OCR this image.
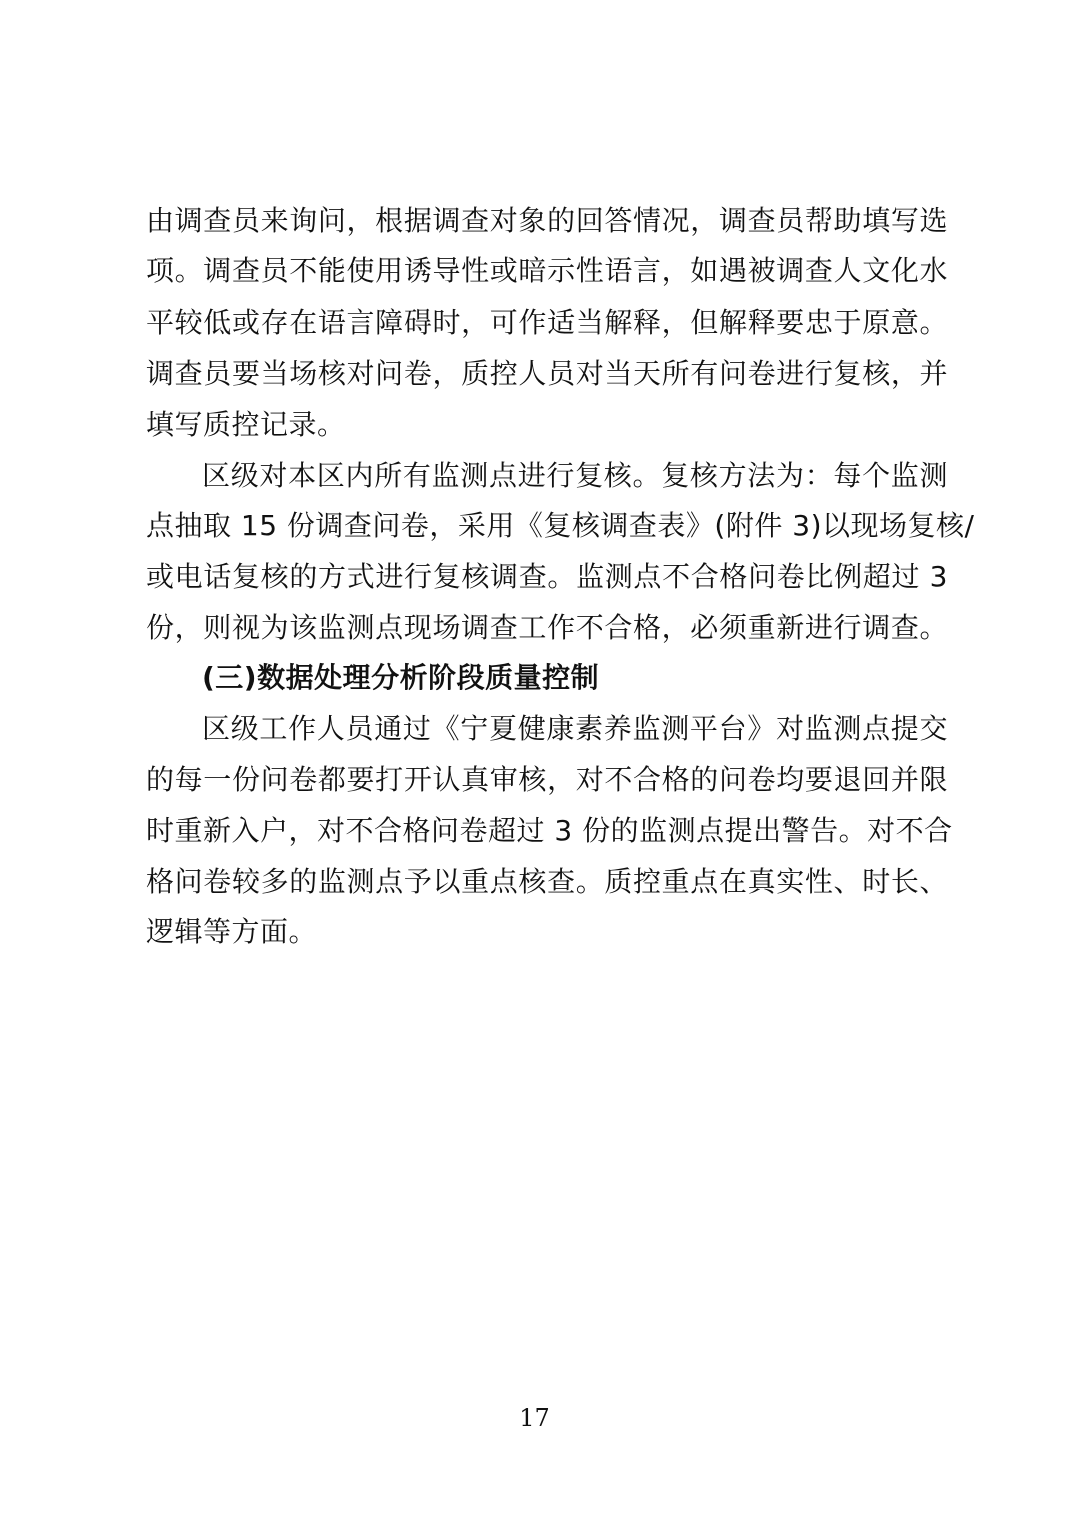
由调查员来询问，根据调查对象的回答情况，调查员帮助填写选
项。调查员不能使用诱导性或暗示性语言，如遇被调查人文化水
平较低或存在语言障碍时，可作适当解释，但解释要忠于原意。
调查员要当场核对问卷，质控人员对当天所有问卷进行复核，并
填写质控记录。
区级对本区内所有监测点进行复核。复核方法为：每个监测
点抽取 15 份调查问卷，采用《复核调查表》(附件 3)以现场复核/
或电话复核的方式进行复核调查。监测点不合格问卷比例超过 3
份，则视为该监测点现场调查工作不合格，必须重新进行调查。
(三)数据处理分析阶段质量控制
区级工作人员通过《宁夏健康素养监测平台》对监测点提交
的每一份问卷都要打开认真审核，对不合格的问卷均要退回并限
时重新入户，对不合格问卷超过 3 份的监测点提出警告。对不合
格问卷较多的监测点予以重点核查。质控重点在真实性、时长、
逻辑等方面。
17
